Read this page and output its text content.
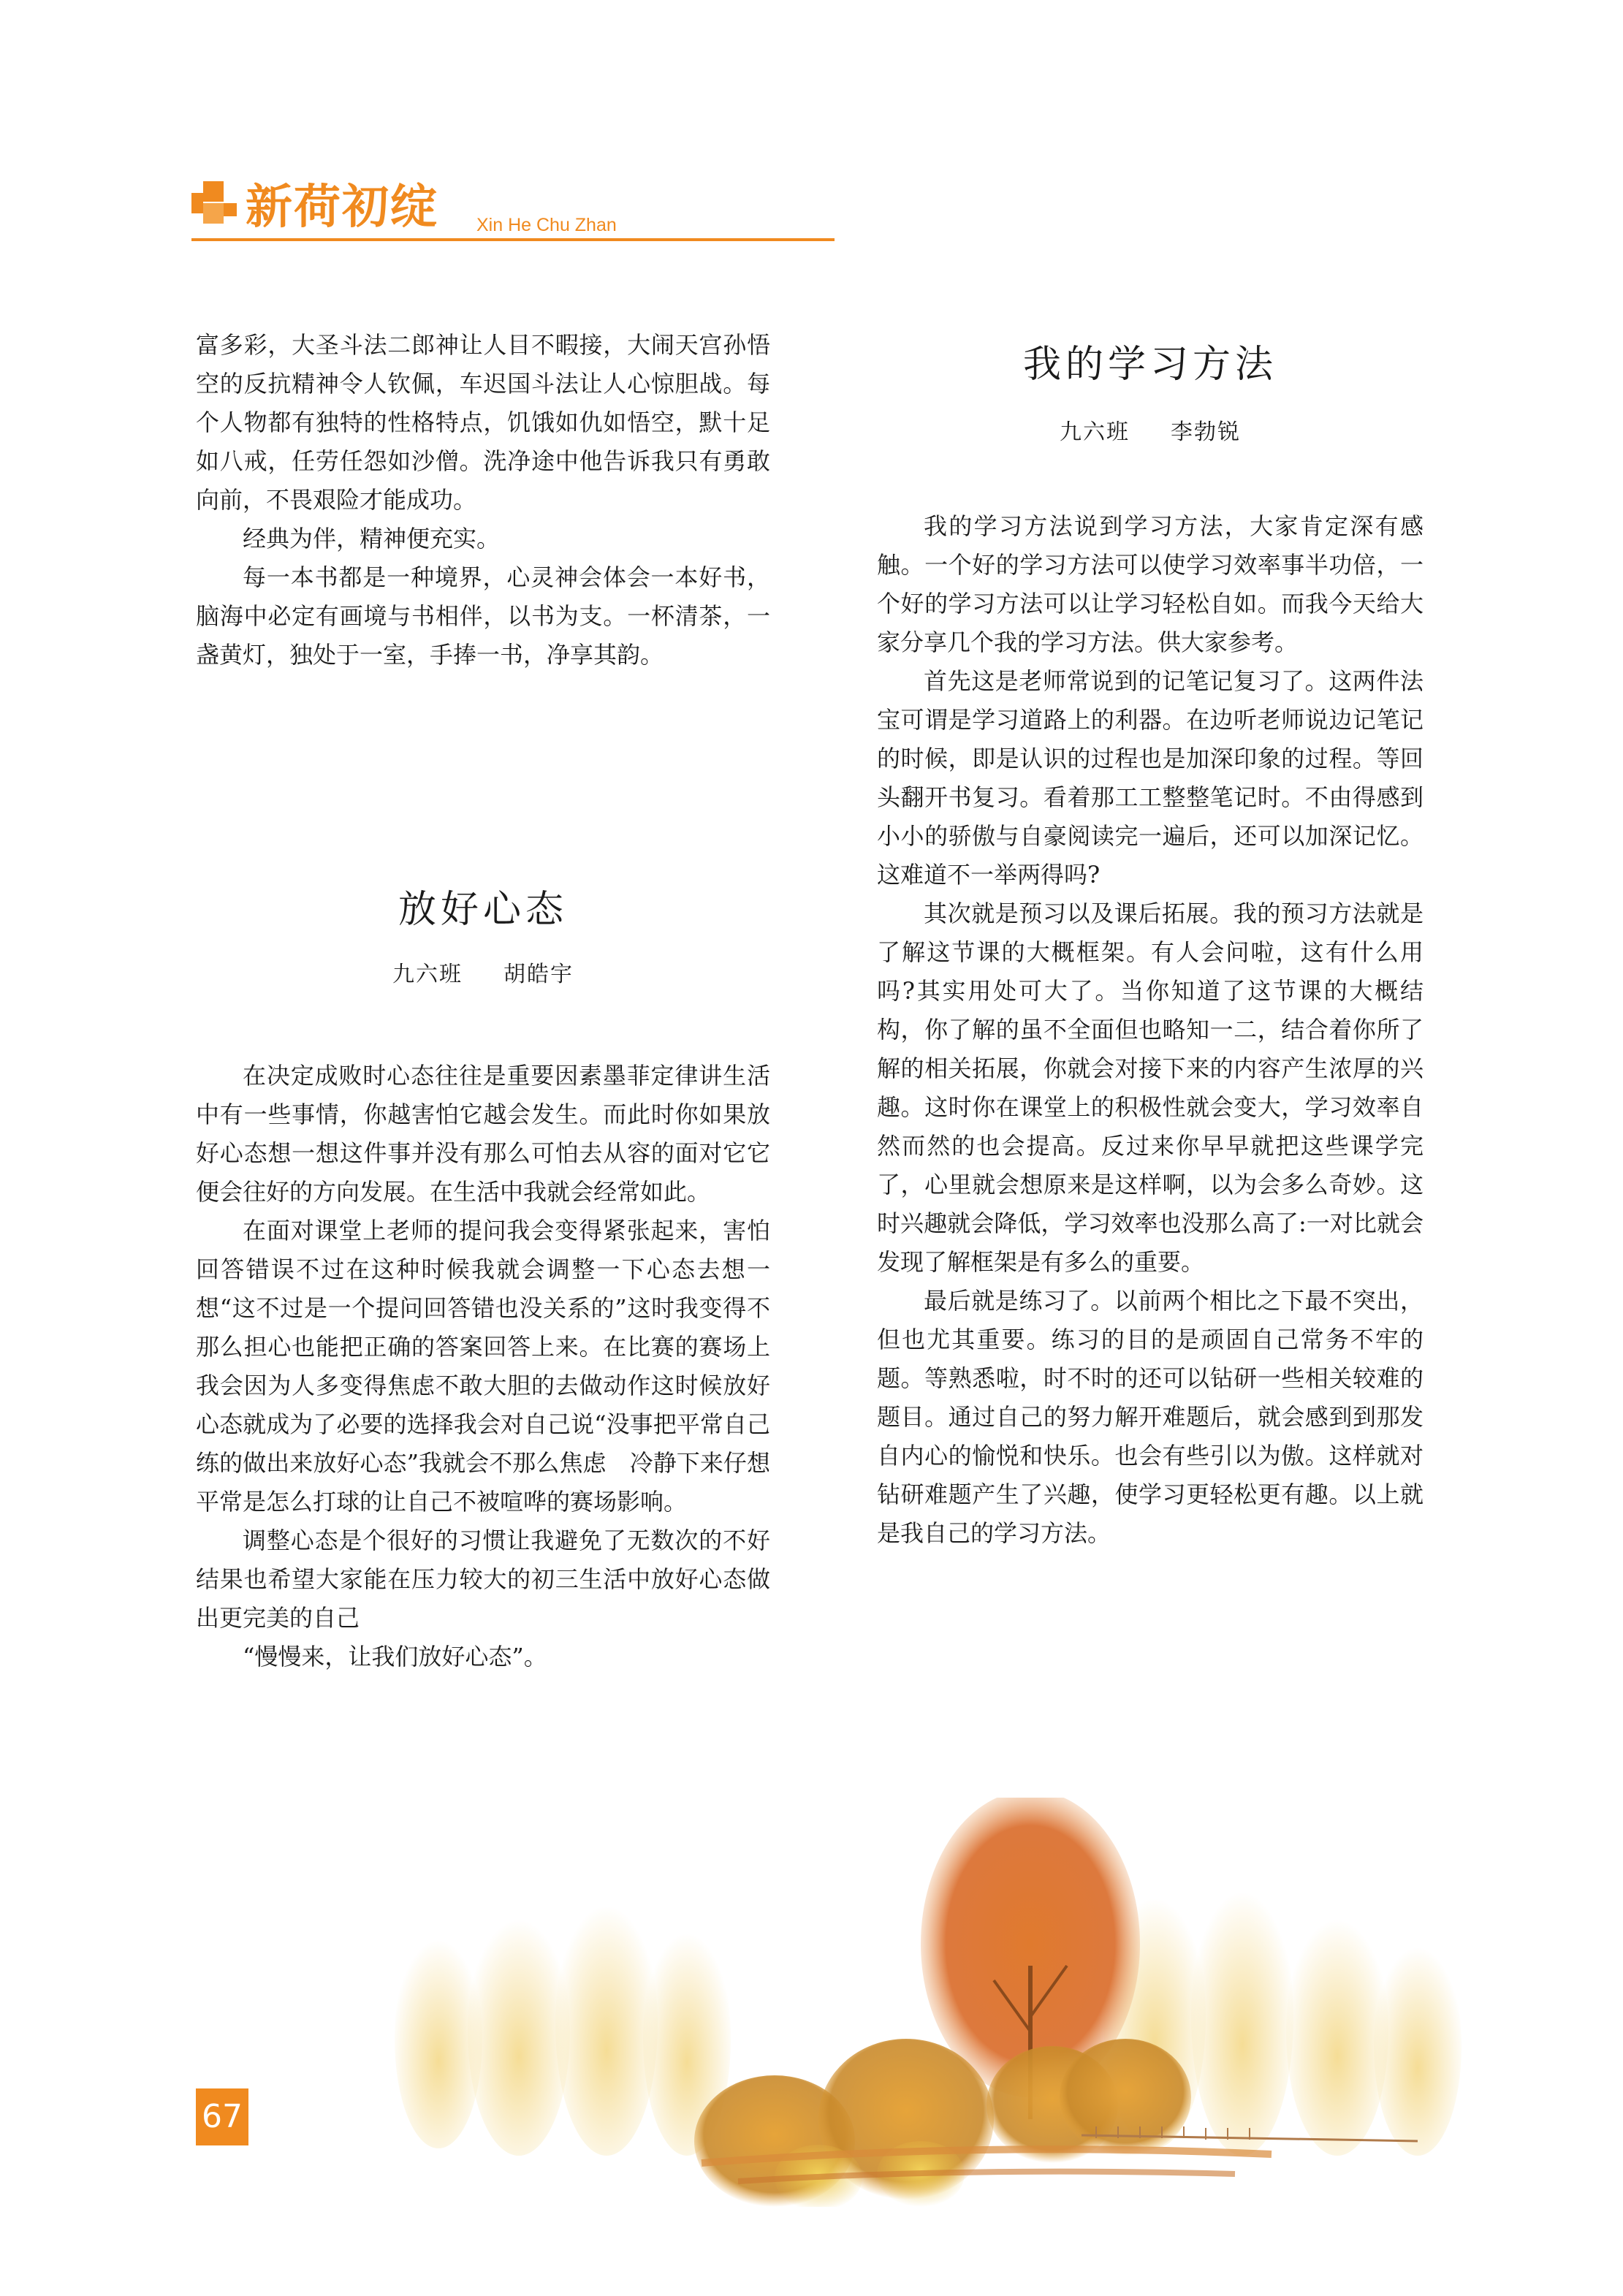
新荷初绽 Xin He Chu Zhan

富多彩，大圣斗法二郎神让人目不暇接，大闹天宫孙悟空的反抗精神令人钦佩，车迟国斗法让人心惊胆战。每个人物都有独特的性格特点，饥饿如仇如悟空，默十足如八戒，任劳任怨如沙僧。洗净途中他告诉我只有勇敢向前，不畏艰险才能成功。

经典为伴，精神便充实。

每一本书都是一种境界，心灵神会体会一本好书，脑海中必定有画境与书相伴，以书为支。一杯清茶，一盏黄灯，独处于一室，手捧一书，净享其韵。

放好心态
九六班 胡皓宇

在决定成败时心态往往是重要因素墨菲定律讲生活中有一些事情，你越害怕它越会发生。而此时你如果放好心态想一想这件事并没有那么可怕去从容的面对它它便会往好的方向发展。在生活中我就会经常如此。

在面对课堂上老师的提问我会变得紧张起来，害怕回答错误不过在这种时候我就会调整一下心态去想一想“这不过是一个提问回答错也没关系的”这时我变得不那么担心也能把正确的答案回答上来。在比赛的赛场上我会因为人多变得焦虑不敢大胆的去做动作这时候放好心态就成为了必要的选择我会对自己说“没事把平常自己练的做出来放好心态”我就会不那么焦虑　冷静下来仔想平常是怎么打球的让自己不被喧哗的赛场影响。

调整心态是个很好的习惯让我避免了无数次的不好结果也希望大家能在压力较大的初三生活中放好心态做出更完美的自己

“慢慢来，让我们放好心态”。

我的学习方法
九六班 李勃锐

我的学习方法说到学习方法，大家肯定深有感触。一个好的学习方法可以使学习效率事半功倍，一个好的学习方法可以让学习轻松自如。而我今天给大家分享几个我的学习方法。供大家参考。

首先这是老师常说到的记笔记复习了。这两件法宝可谓是学习道路上的利器。在边听老师说边记笔记的时候，即是认识的过程也是加深印象的过程。等回头翻开书复习。看着那工工整整笔记时。不由得感到小小的骄傲与自豪阅读完一遍后，还可以加深记忆。这难道不一举两得吗?

其次就是预习以及课后拓展。我的预习方法就是了解这节课的大概框架。有人会问啦，这有什么用吗?其实用处可大了。当你知道了这节课的大概结构，你了解的虽不全面但也略知一二，结合着你所了解的相关拓展，你就会对接下来的内容产生浓厚的兴趣。这时你在课堂上的积极性就会变大，学习效率自然而然的也会提高。反过来你早早就把这些课学完了，心里就会想原来是这样啊，以为会多么奇妙。这时兴趣就会降低，学习效率也没那么高了:一对比就会发现了解框架是有多么的重要。

最后就是练习了。以前两个相比之下最不突出，但也尤其重要。练习的目的是顽固自己常务不牢的题。等熟悉啦，时不时的还可以钻研一些相关较难的题目。通过自己的努力解开难题后，就会感到到那发自内心的愉悦和快乐。也会有些引以为傲。这样就对钻研难题产生了兴趣，使学习更轻松更有趣。以上就是我自己的学习方法。

67
